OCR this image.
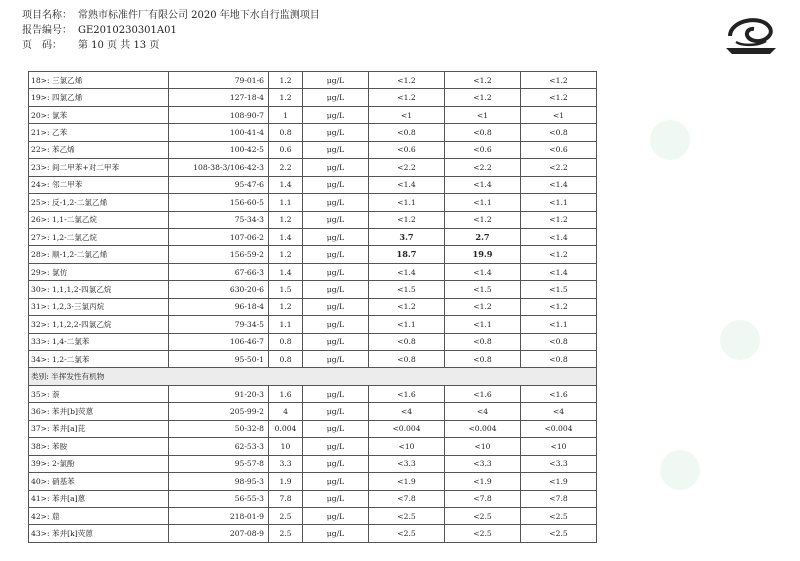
项目名称： 常熟市标准件厂有限公司 2020 年地下水自行监测项目
报告编号： GE2010230301A01
页　码：	第 10 页 共 13 页
18>: 三氯乙烯	79-01-6	1.2	μg/L	<1.2	<1.2	<1.2
19>: 四氯乙烯	127-18-4	1.2	μg/L	<1.2	<1.2	<1.2
20>: 氯苯	108-90-7	1	μg/L	<1	<1	<1
21>: 乙苯	100-41-4	0.8	μg/L	<0.8	<0.8	<0.8
22>: 苯乙烯	100-42-5	0.6	μg/L	<0.6	<0.6	<0.6
23>: 间二甲苯+对二甲苯	108-38-3/106-42-3	2.2	μg/L	<2.2	<2.2	<2.2
24>: 邻二甲苯	95-47-6	1.4	μg/L	<1.4	<1.4	<1.4
25>: 反-1,2-二氯乙烯	156-60-5	1.1	μg/L	<1.1	<1.1	<1.1
26>: 1,1-二氯乙烷	75-34-3	1.2	μg/L	<1.2	<1.2	<1.2
27>: 1,2-二氯乙烷	107-06-2	1.4	μg/L	3.7	2.7	<1.4
28>: 顺-1,2-二氯乙烯	156-59-2	1.2	μg/L	18.7	19.9	<1.2
29>: 氯仿	67-66-3	1.4	μg/L	<1.4	<1.4	<1.4
30>: 1,1,1,2-四氯乙烷	630-20-6	1.5	μg/L	<1.5	<1.5	<1.5
31>: 1,2,3-三氯丙烷	96-18-4	1.2	μg/L	<1.2	<1.2	<1.2
32>: 1,1,2,2-四氯乙烷	79-34-5	1.1	μg/L	<1.1	<1.1	<1.1
33>: 1,4-二氯苯	106-46-7	0.8	μg/L	<0.8	<0.8	<0.8
34>: 1,2-二氯苯	95-50-1	0.8	μg/L	<0.8	<0.8	<0.8
类别: 半挥发性有机物						
35>: 萘	91-20-3	1.6	μg/L	<1.6	<1.6	<1.6
36>: 苯并[b]荧蒽	205-99-2	4	μg/L	<4	<4	<4
37>: 苯并[a]芘	50-32-8	0.004	μg/L	<0.004	<0.004	<0.004
38>: 苯胺	62-53-3	10	μg/L	<10	<10	<10
39>: 2-氯酚	95-57-8	3.3	μg/L	<3.3	<3.3	<3.3
40>: 硝基苯	98-95-3	1.9	μg/L	<1.9	<1.9	<1.9
41>: 苯并[a]蒽	56-55-3	7.8	μg/L	<7.8	<7.8	<7.8
42>: 䓛	218-01-9	2.5	μg/L	<2.5	<2.5	<2.5
43>: 苯并[k]荧蒽	207-08-9	2.5	μg/L	<2.5	<2.5	<2.5
